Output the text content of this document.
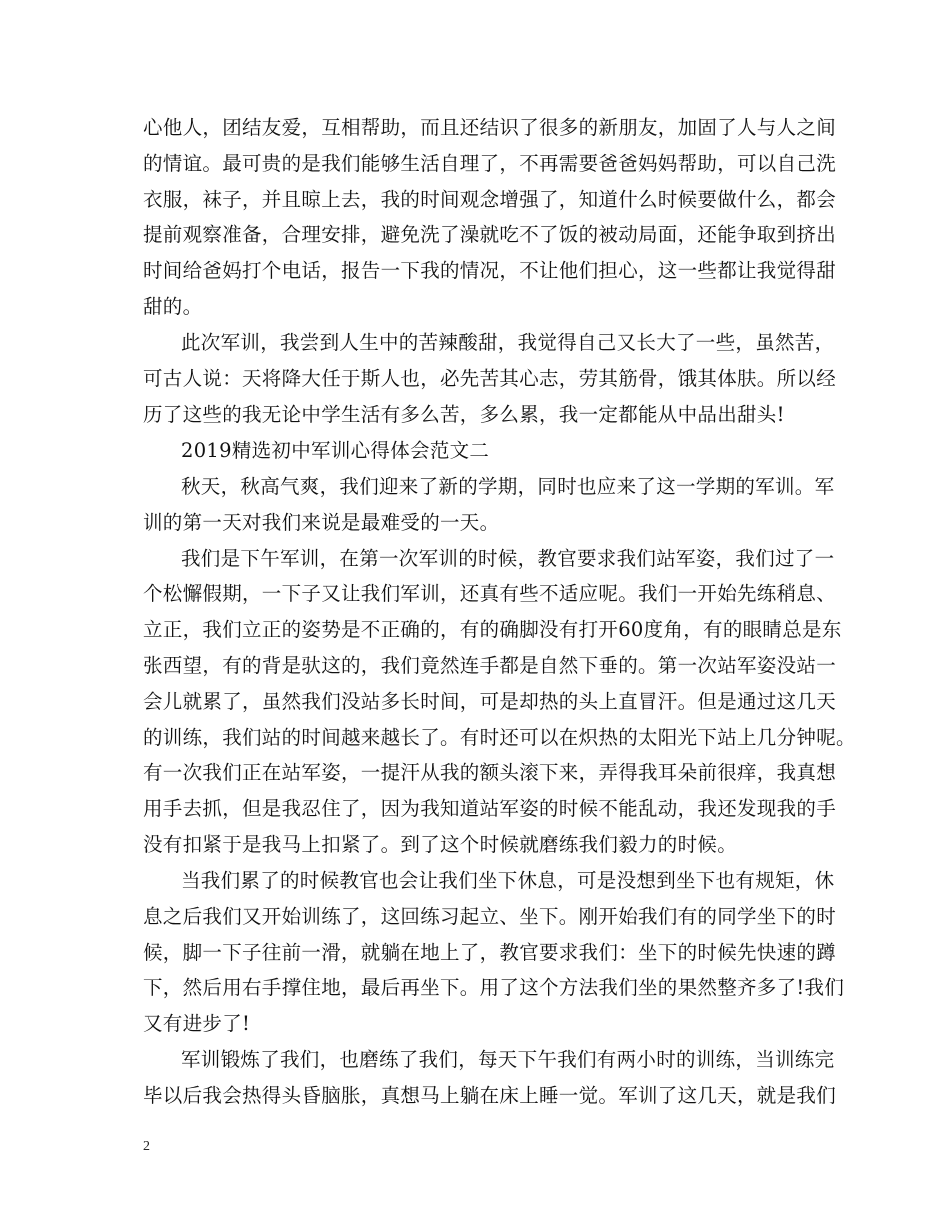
心他人，团结友爱，互相帮助，而且还结识了很多的新朋友，加固了人与人之间
的情谊。最可贵的是我们能够生活自理了，不再需要爸爸妈妈帮助，可以自己洗
衣服，袜子，并且晾上去，我的时间观念增强了，知道什么时候要做什么，都会
提前观察准备，合理安排，避免洗了澡就吃不了饭的被动局面，还能争取到挤出
时间给爸妈打个电话，报告一下我的情况，不让他们担心，这一些都让我觉得甜
甜的。
此次军训，我尝到人生中的苦辣酸甜，我觉得自己又长大了一些，虽然苦，
可古人说：天将降大任于斯人也，必先苦其心志，劳其筋骨，饿其体肤。所以经
历了这些的我无论中学生活有多么苦，多么累，我一定都能从中品出甜头!
2019精选初中军训心得体会范文二
秋天，秋高气爽，我们迎来了新的学期，同时也应来了这一学期的军训。军
训的第一天对我们来说是最难受的一天。
我们是下午军训，在第一次军训的时候，教官要求我们站军姿，我们过了一
个松懈假期，一下子又让我们军训，还真有些不适应呢。我们一开始先练稍息、
立正，我们立正的姿势是不正确的，有的确脚没有打开60度角，有的眼睛总是东
张西望，有的背是驮这的，我们竟然连手都是自然下垂的。第一次站军姿没站一
会儿就累了，虽然我们没站多长时间，可是却热的头上直冒汗。但是通过这几天
的训练，我们站的时间越来越长了。有时还可以在炽热的太阳光下站上几分钟呢。
有一次我们正在站军姿，一提汗从我的额头滚下来，弄得我耳朵前很痒，我真想
用手去抓，但是我忍住了，因为我知道站军姿的时候不能乱动，我还发现我的手
没有扣紧于是我马上扣紧了。到了这个时候就磨练我们毅力的时候。
当我们累了的时候教官也会让我们坐下休息，可是没想到坐下也有规矩，休
息之后我们又开始训练了，这回练习起立、坐下。刚开始我们有的同学坐下的时
候，脚一下子往前一滑，就躺在地上了，教官要求我们：坐下的时候先快速的蹲
下，然后用右手撑住地，最后再坐下。用了这个方法我们坐的果然整齐多了!我们
又有进步了!
军训锻炼了我们，也磨练了我们，每天下午我们有两小时的训练，当训练完
毕以后我会热得头昏脑胀，真想马上躺在床上睡一觉。军训了这几天，就是我们
2
